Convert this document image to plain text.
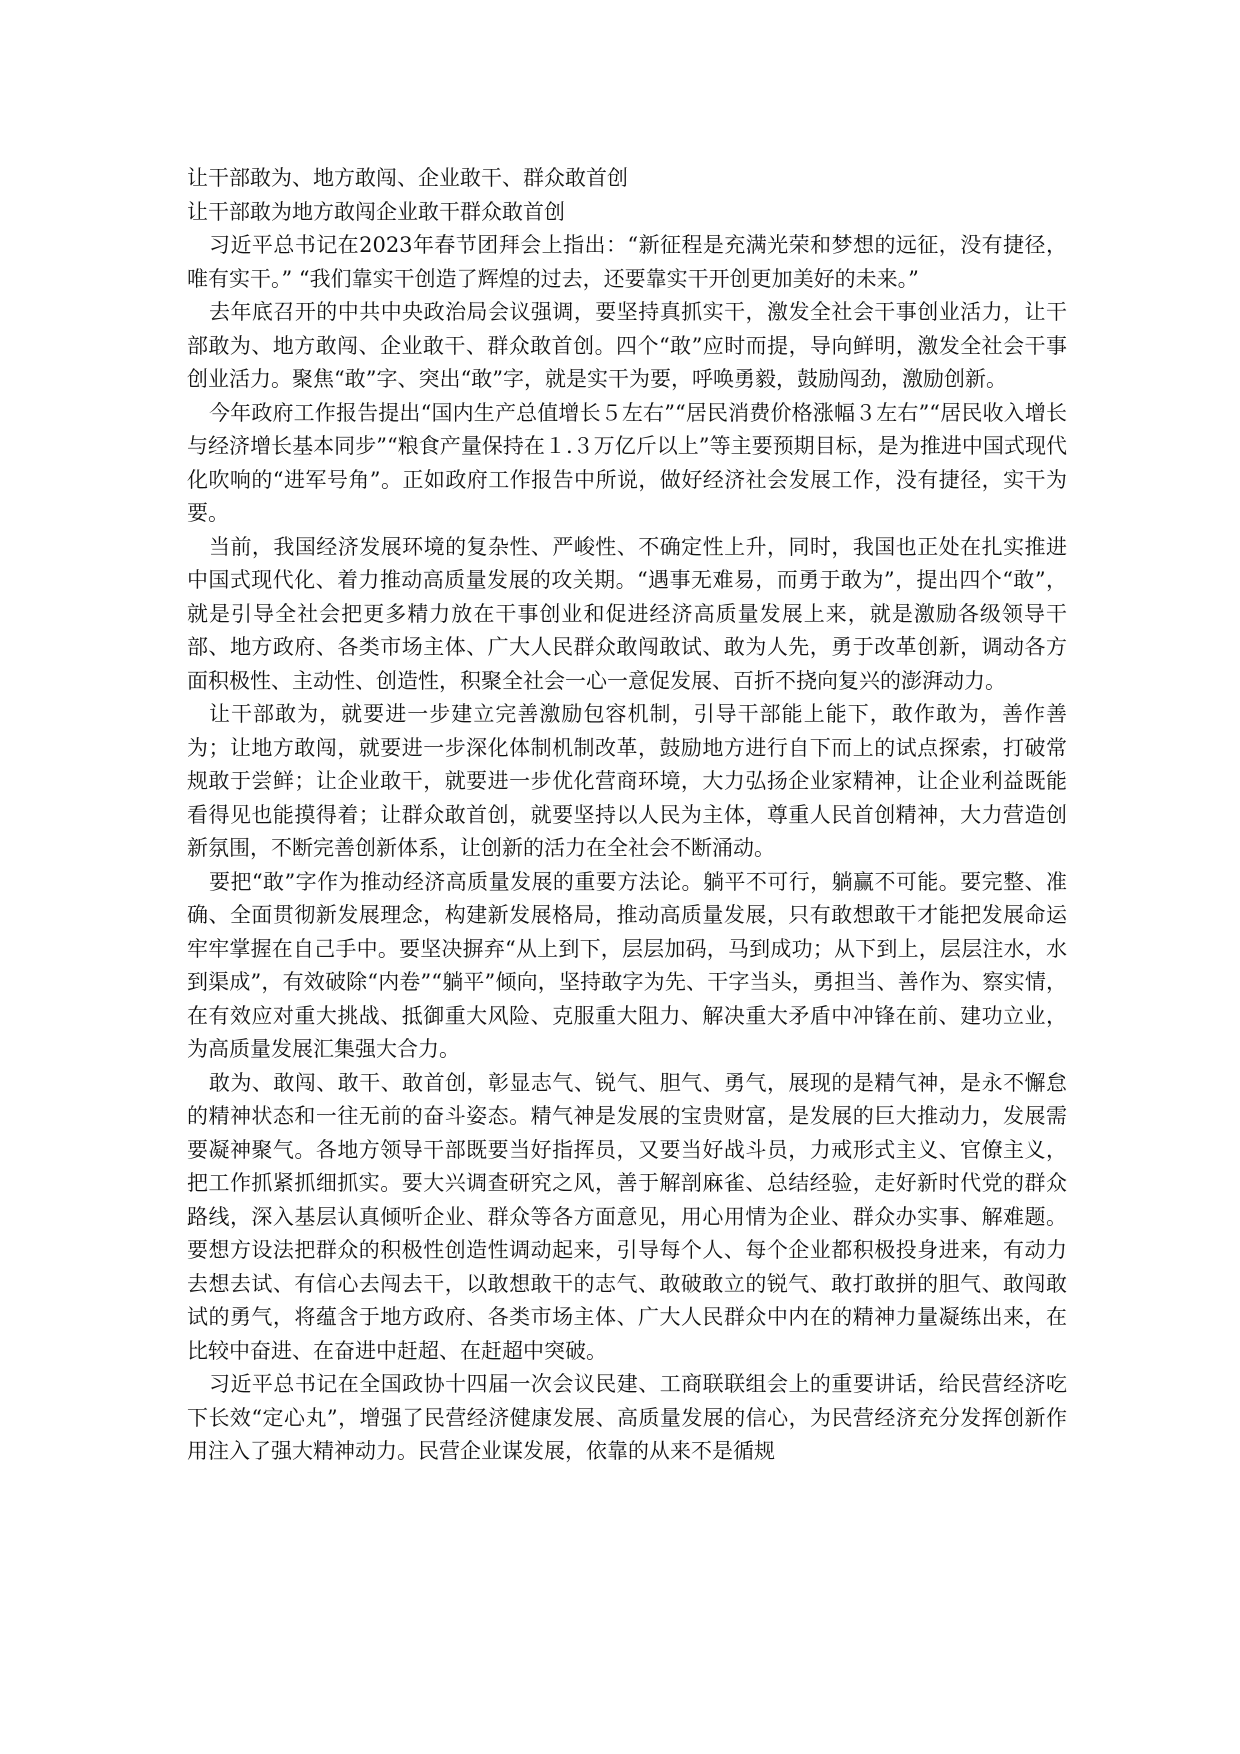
让干部敢为、地方敢闯、企业敢干、群众敢首创
让干部敢为地方敢闯企业敢干群众敢首创

习近平总书记在2023年春节团拜会上指出：“新征程是充满光荣和梦想的远征，没有捷径，唯有实干。” “我们靠实干创造了辉煌的过去，还要靠实干开创更加美好的未来。”

去年底召开的中共中央政治局会议强调，要坚持真抓实干，激发全社会干事创业活力，让干部敢为、地方敢闯、企业敢干、群众敢首创。四个“敢”应时而提，导向鲜明，激发全社会干事创业活力。聚焦“敢”字、突出“敢”字，就是实干为要，呼唤勇毅，鼓励闯劲，激励创新。

今年政府工作报告提出“国内生产总值增长５左右”“居民消费价格涨幅３左右”“居民收入增长与经济增长基本同步”“粮食产量保持在１.３万亿斤以上”等主要预期目标，是为推进中国式现代化吹响的“进军号角”。正如政府工作报告中所说，做好经济社会发展工作，没有捷径，实干为要。

当前，我国经济发展环境的复杂性、严峻性、不确定性上升，同时，我国也正处在扎实推进中国式现代化、着力推动高质量发展的攻关期。“遇事无难易，而勇于敢为”，提出四个“敢”，就是引导全社会把更多精力放在干事创业和促进经济高质量发展上来，就是激励各级领导干部、地方政府、各类市场主体、广大人民群众敢闯敢试、敢为人先，勇于改革创新，调动各方面积极性、主动性、创造性，积聚全社会一心一意促发展、百折不挠向复兴的澎湃动力。

让干部敢为，就要进一步建立完善激励包容机制，引导干部能上能下，敢作敢为，善作善为；让地方敢闯，就要进一步深化体制机制改革，鼓励地方进行自下而上的试点探索，打破常规敢于尝鲜；让企业敢干，就要进一步优化营商环境，大力弘扬企业家精神，让企业利益既能看得见也能摸得着；让群众敢首创，就要坚持以人民为主体，尊重人民首创精神，大力营造创新氛围，不断完善创新体系，让创新的活力在全社会不断涌动。

要把“敢”字作为推动经济高质量发展的重要方法论。躺平不可行，躺赢不可能。要完整、准确、全面贯彻新发展理念，构建新发展格局，推动高质量发展，只有敢想敢干才能把发展命运牢牢掌握在自己手中。要坚决摒弃“从上到下，层层加码，马到成功；从下到上，层层注水，水到渠成”，有效破除“内卷”“躺平”倾向，坚持敢字为先、干字当头，勇担当、善作为、察实情，在有效应对重大挑战、抵御重大风险、克服重大阻力、解决重大矛盾中冲锋在前、建功立业，为高质量发展汇集强大合力。

敢为、敢闯、敢干、敢首创，彰显志气、锐气、胆气、勇气，展现的是精气神，是永不懈怠的精神状态和一往无前的奋斗姿态。精气神是发展的宝贵财富，是发展的巨大推动力，发展需要凝神聚气。各地方领导干部既要当好指挥员，又要当好战斗员，力戒形式主义、官僚主义，把工作抓紧抓细抓实。要大兴调查研究之风，善于解剖麻雀、总结经验，走好新时代党的群众路线，深入基层认真倾听企业、群众等各方面意见，用心用情为企业、群众办实事、解难题。要想方设法把群众的积极性创造性调动起来，引导每个人、每个企业都积极投身进来，有动力去想去试、有信心去闯去干，以敢想敢干的志气、敢破敢立的锐气、敢打敢拼的胆气、敢闯敢试的勇气，将蕴含于地方政府、各类市场主体、广大人民群众中内在的精神力量凝练出来，在比较中奋进、在奋进中赶超、在赶超中突破。

习近平总书记在全国政协十四届一次会议民建、工商联联组会上的重要讲话，给民营经济吃下长效“定心丸”，增强了民营经济健康发展、高质量发展的信心，为民营经济充分发挥创新作用注入了强大精神动力。民营企业谋发展，依靠的从来不是循规
